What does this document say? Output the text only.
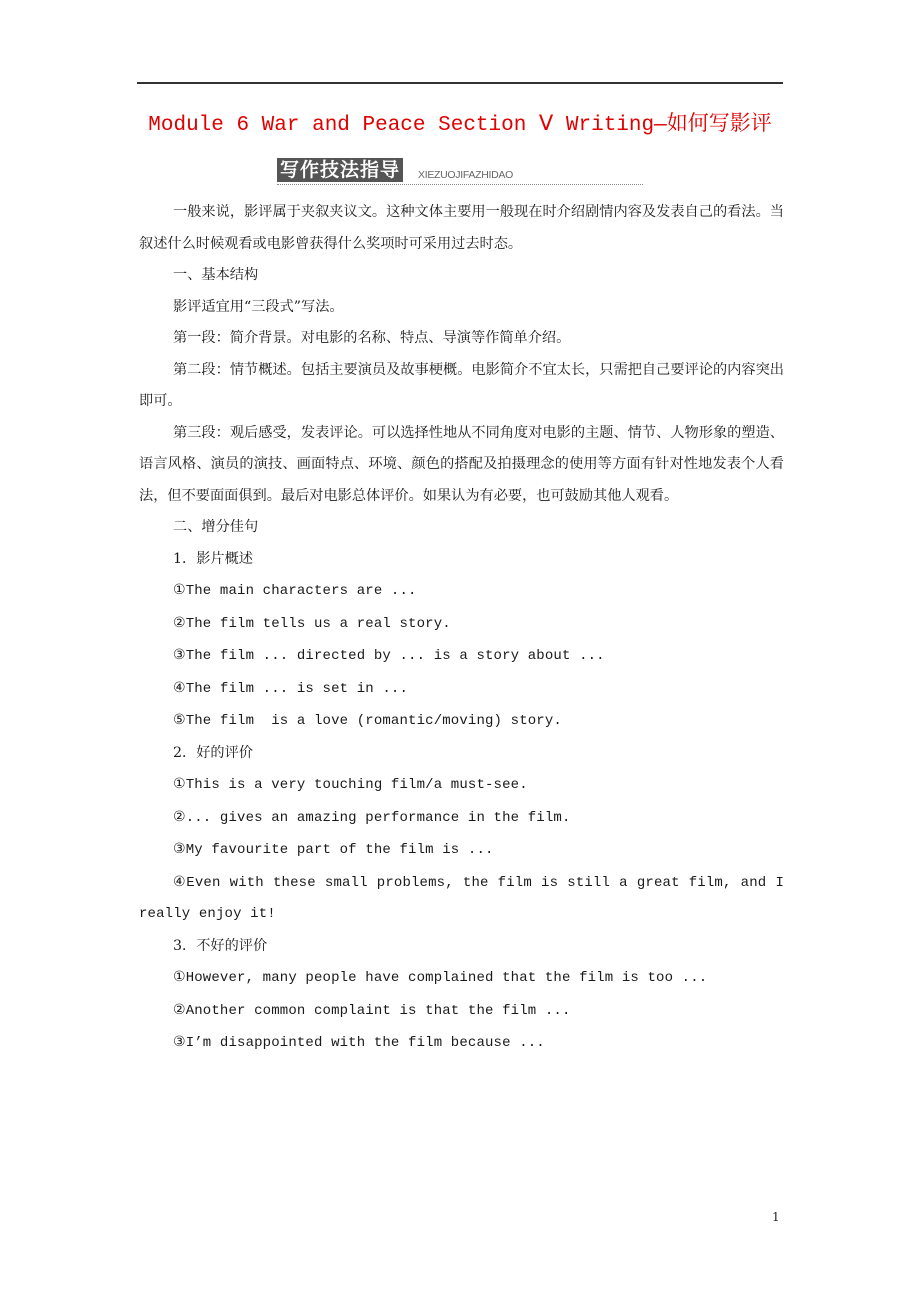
Module 6 War and Peace Section Ⅴ Writing—如何写影评
写作技法指导 XIEZUOJIFAZHIDAO

一般来说，影评属于夹叙夹议文。这种文体主要用一般现在时介绍剧情内容及发表自己的看法。当叙述什么时候观看或电影曾获得什么奖项时可采用过去时态。

一、基本结构

影评适宜用“三段式”写法。

第一段：简介背景。对电影的名称、特点、导演等作简单介绍。

第二段：情节概述。包括主要演员及故事梗概。电影简介不宜太长，只需把自己要评论的内容突出即可。

第三段：观后感受，发表评论。可以选择性地从不同角度对电影的主题、情节、人物形象的塑造、语言风格、演员的演技、画面特点、环境、颜色的搭配及拍摄理念的使用等方面有针对性地发表个人看法，但不要面面俱到。最后对电影总体评价。如果认为有必要，也可鼓励其他人观看。

二、增分佳句

1．影片概述

①The main characters are ...

②The film tells us a real story.

③The film ... directed by ... is a story about ...

④The film ... is set in ...

⑤The film  is a love (romantic/moving) story.

2．好的评价

①This is a very touching film/a must-see.

②... gives an amazing performance in the film.

③My favourite part of the film is ...

④Even with these small problems, the film is still a great film, and I really enjoy it!

3．不好的评价

①However, many people have complained that the film is too ...

②Another common complaint is that the film ...

③I’m disappointed with the film because ...

1
